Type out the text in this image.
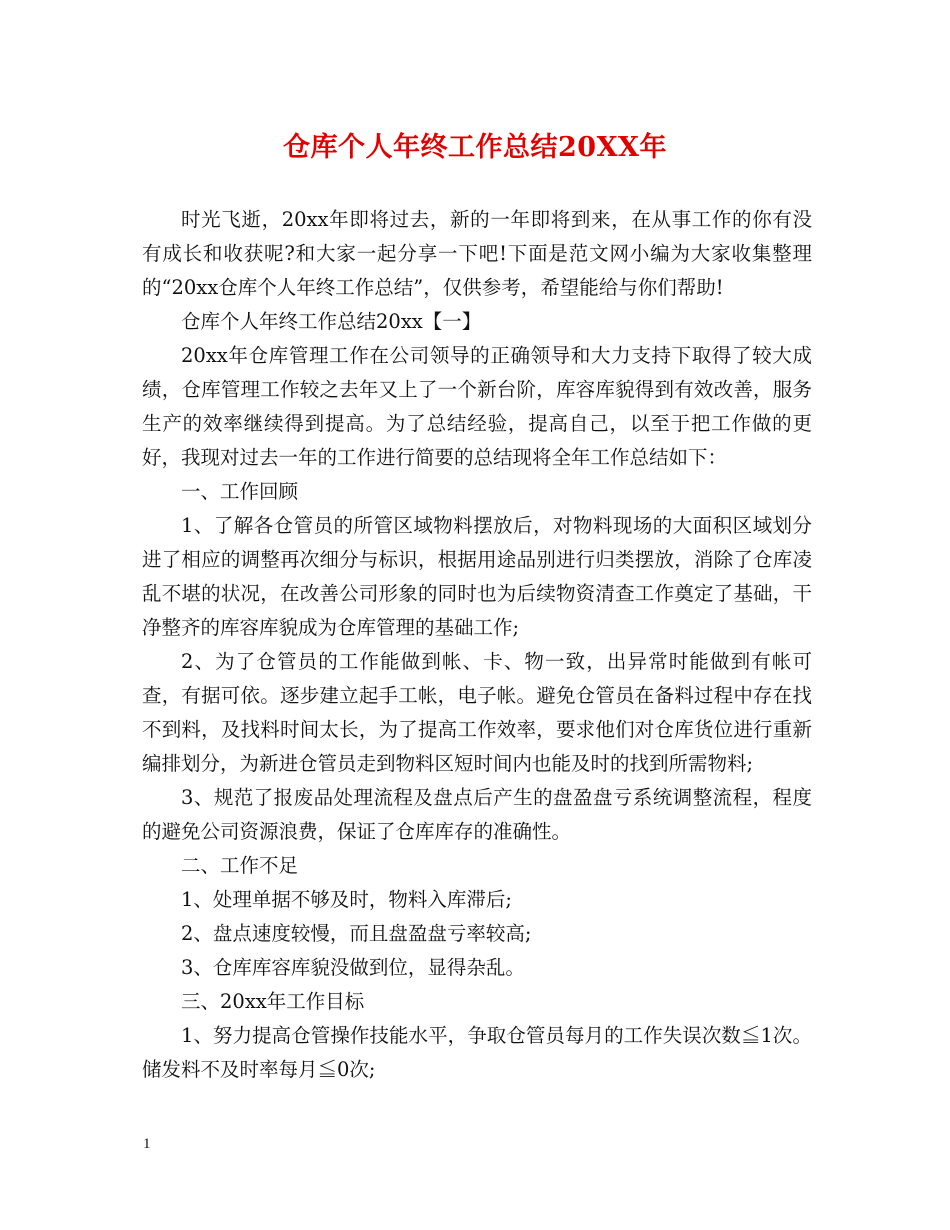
仓库个人年终工作总结20XX年

时光飞逝，20xx年即将过去，新的一年即将到来，在从事工作的你有没有成长和收获呢?和大家一起分享一下吧!下面是范文网小编为大家收集整理的“20xx仓库个人年终工作总结”，仅供参考，希望能给与你们帮助!

仓库个人年终工作总结20xx【一】

20xx年仓库管理工作在公司领导的正确领导和大力支持下取得了较大成绩，仓库管理工作较之去年又上了一个新台阶，库容库貌得到有效改善，服务生产的效率继续得到提高。为了总结经验，提高自己，以至于把工作做的更好，我现对过去一年的工作进行简要的总结现将全年工作总结如下：

一、工作回顾

1、了解各仓管员的所管区域物料摆放后，对物料现场的大面积区域划分进了相应的调整再次细分与标识，根据用途品别进行归类摆放，消除了仓库凌乱不堪的状况，在改善公司形象的同时也为后续物资清查工作奠定了基础，干净整齐的库容库貌成为仓库管理的基础工作;

2、为了仓管员的工作能做到帐、卡、物一致，出异常时能做到有帐可查，有据可依。逐步建立起手工帐，电子帐。避免仓管员在备料过程中存在找不到料，及找料时间太长，为了提高工作效率，要求他们对仓库货位进行重新编排划分，为新进仓管员走到物料区短时间内也能及时的找到所需物料;

3、规范了报废品处理流程及盘点后产生的盘盈盘亏系统调整流程，程度的避免公司资源浪费，保证了仓库库存的准确性。

二、工作不足

1、处理单据不够及时，物料入库滞后;

2、盘点速度较慢，而且盘盈盘亏率较高;

3、仓库库容库貌没做到位，显得杂乱。

三、20xx年工作目标

1、努力提高仓管操作技能水平，争取仓管员每月的工作失误次数≦1次。储发料不及时率每月≦0次;

1
